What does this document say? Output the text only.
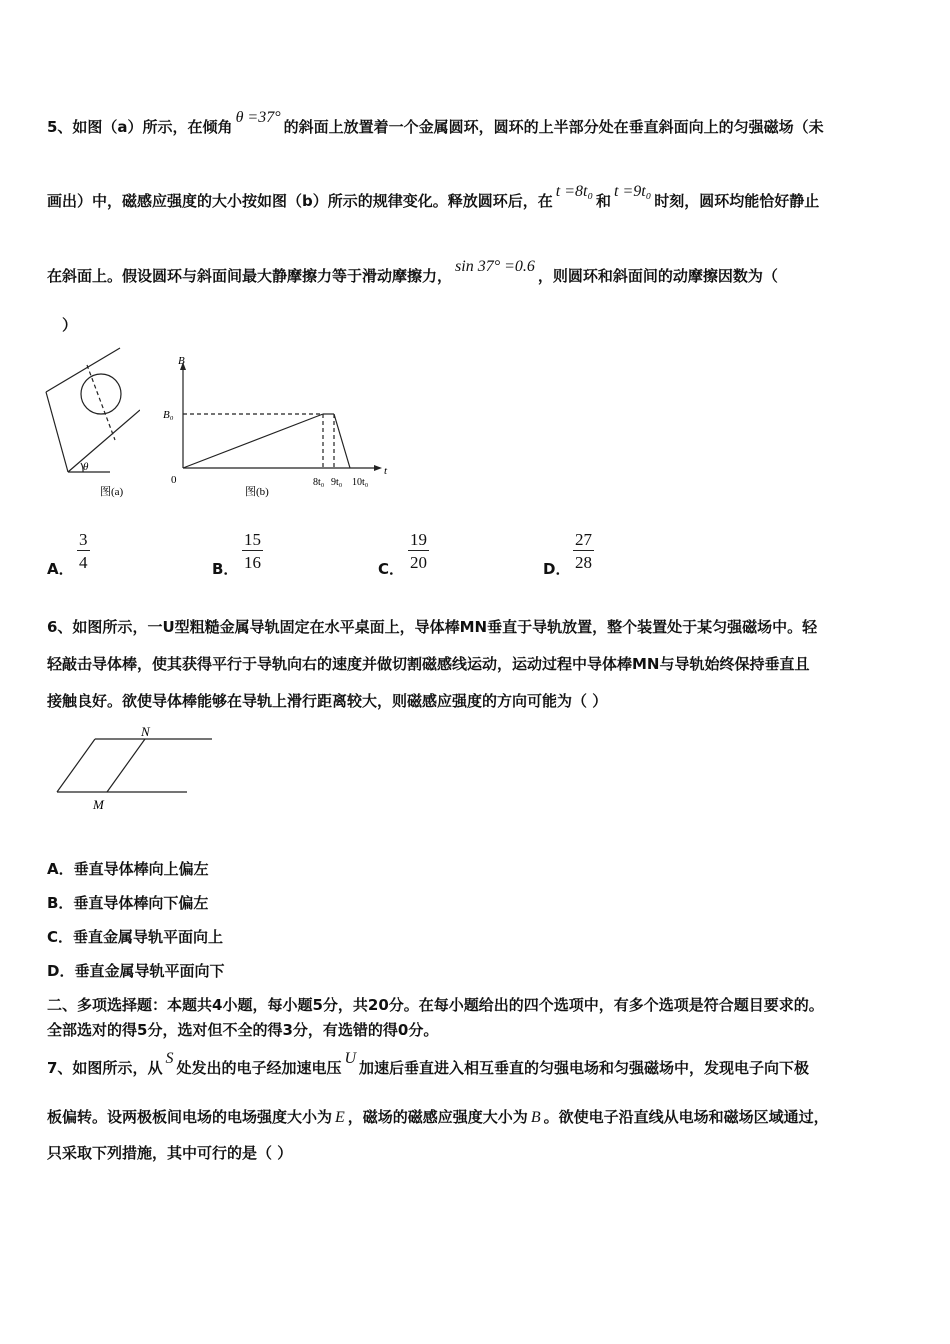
5、如图（a）所示，在倾角θ =37°的斜面上放置着一个金属圆环，圆环的上半部分处在垂直斜面向上的匀强磁场（未
画出）中，磁感应强度的大小按如图（b）所示的规律变化。释放圆环后，在t =8t₀和t =9t₀时刻，圆环均能恰好静止
在斜面上。假设圆环与斜面间最大静摩擦力等于滑动摩擦力，sin 37° =0.6，则圆环和斜面间的动摩擦因数为（
）
θ
图(a)
B
t
B₀
0	8t₀ 9t₀ 10t₀
图(b)
A． $\frac{3}{4}$	B． $\frac{15}{16}$	C． $\frac{19}{20}$	D． $\frac{27}{28}$
6、如图所示，一U型粗糙金属导轨固定在水平桌面上，导体棒MN垂直于导轨放置，整个装置处于某匀强磁场中。轻
轻敲击导体棒，使其获得平行于导轨向右的速度并做切割磁感线运动，运动过程中导体棒MN与导轨始终保持垂直且
接触良好。欲使导体棒能够在导轨上滑行距离较大，则磁感应强度的方向可能为（ ）
N
M
A．垂直导体棒向上偏左
B．垂直导体棒向下偏左
C．垂直金属导轨平面向上
D．垂直金属导轨平面向下
二、多项选择题：本题共4小题，每小题5分，共20分。在每小题给出的四个选项中，有多个选项是符合题目要求的。
全部选对的得5分，选对但不全的得3分，有选错的得0分。
7、如图所示，从S处发出的电子经加速电压U加速后垂直进入相互垂直的匀强电场和匀强磁场中，发现电子向下极
板偏转。设两极板间电场的电场强度大小为 E ，磁场的磁感应强度大小为 B 。欲使电子沿直线从电场和磁场区域通过，
只采取下列措施，其中可行的是（ ）
